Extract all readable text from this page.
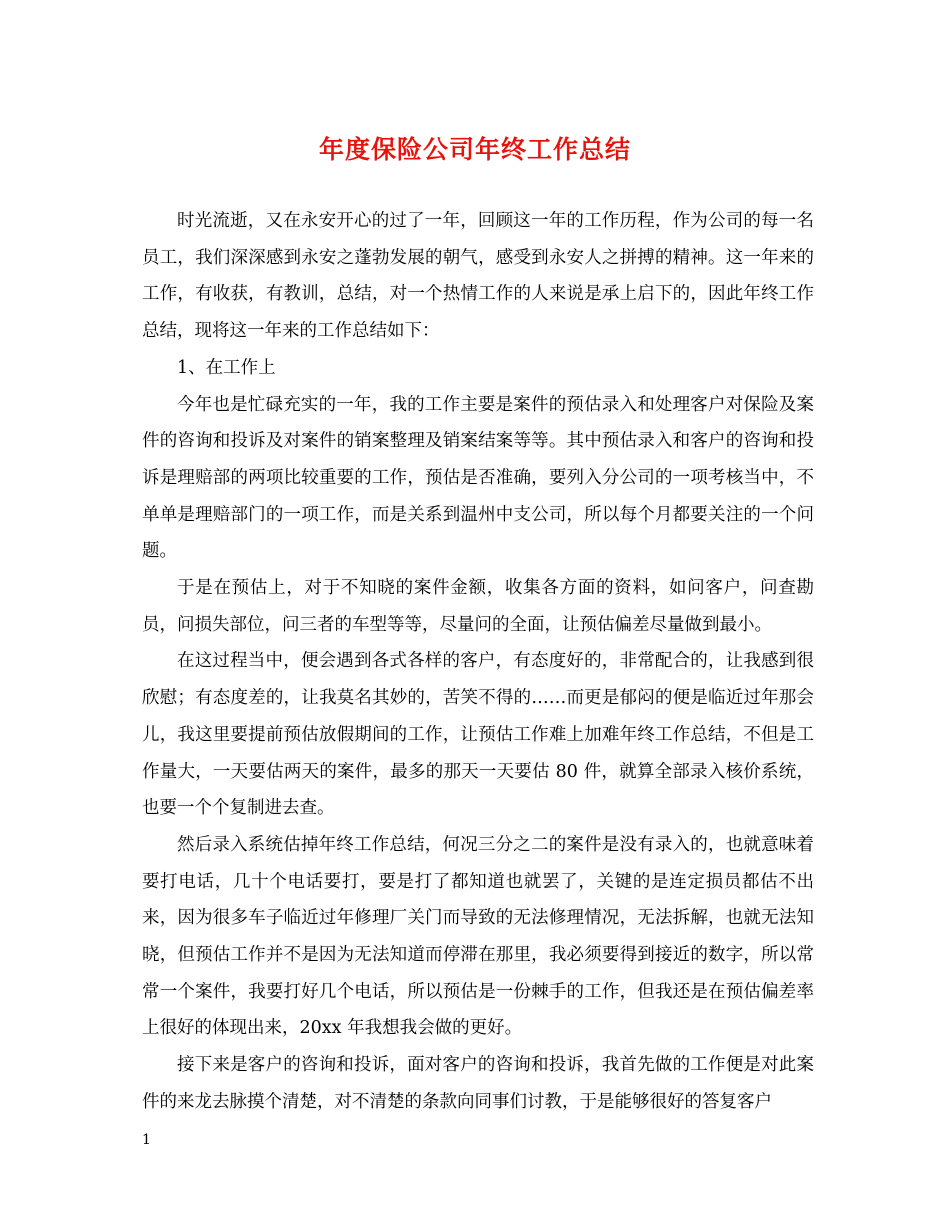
年度保险公司年终工作总结

时光流逝，又在永安开心的过了一年，回顾这一年的工作历程，作为公司的每一名员工，我们深深感到永安之蓬勃发展的朝气，感受到永安人之拼搏的精神。这一年来的工作，有收获，有教训，总结，对一个热情工作的人来说是承上启下的，因此年终工作总结，现将这一年来的工作总结如下：

1、在工作上

今年也是忙碌充实的一年，我的工作主要是案件的预估录入和处理客户对保险及案件的咨询和投诉及对案件的销案整理及销案结案等等。其中预估录入和客户的咨询和投诉是理赔部的两项比较重要的工作，预估是否准确，要列入分公司的一项考核当中，不单单是理赔部门的一项工作，而是关系到温州中支公司，所以每个月都要关注的一个问题。

于是在预估上，对于不知晓的案件金额，收集各方面的资料，如问客户，问查勘员，问损失部位，问三者的车型等等，尽量问的全面，让预估偏差尽量做到最小。

在这过程当中，便会遇到各式各样的客户，有态度好的，非常配合的，让我感到很欣慰；有态度差的，让我莫名其妙的，苦笑不得的……而更是郁闷的便是临近过年那会儿，我这里要提前预估放假期间的工作，让预估工作难上加难年终工作总结，不但是工作量大，一天要估两天的案件，最多的那天一天要估 80 件，就算全部录入核价系统，也要一个个复制进去查。

然后录入系统估掉年终工作总结，何况三分之二的案件是没有录入的，也就意味着要打电话，几十个电话要打，要是打了都知道也就罢了，关键的是连定损员都估不出来，因为很多车子临近过年修理厂关门而导致的无法修理情况，无法拆解，也就无法知晓，但预估工作并不是因为无法知道而停滞在那里，我必须要得到接近的数字，所以常常一个案件，我要打好几个电话，所以预估是一份棘手的工作，但我还是在预估偏差率上很好的体现出来，20xx 年我想我会做的更好。

接下来是客户的咨询和投诉，面对客户的咨询和投诉，我首先做的工作便是对此案件的来龙去脉摸个清楚，对不清楚的条款向同事们讨教，于是能够很好的答复客户

1
